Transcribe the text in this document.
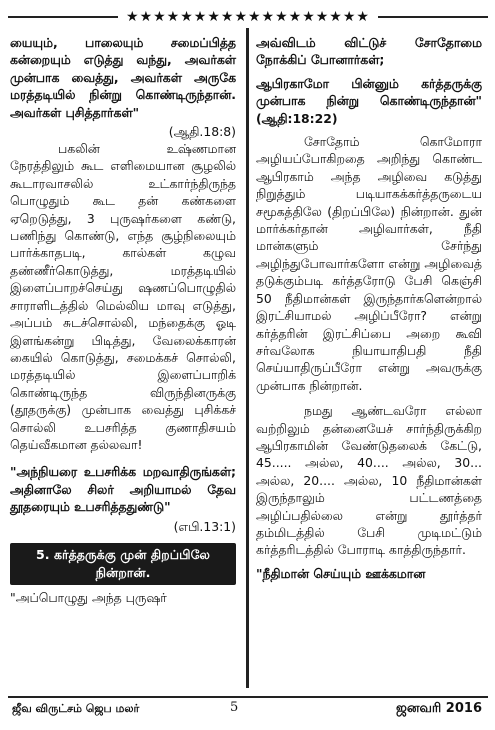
★★★★★★★★★★★★★★★★★★
யையும், பாலையும் சமைப்பித்த கன்றையும் எடுத்து வந்து, அவர்கள் முன்பாக வைத்து, அவர்கள் அருகே மரத்தடியில் நின்று கொண்டிருந்தான். அவர்கள் புசித்தார்கள்"
(ஆதி.18:8)
பகலின் உஷ்ணமான நேரத்திலும் கூட எளிமையான சூழலில் கூடாரவாசலில் உட்கார்ந்திருந்த பொழுதும் கூட தன் கண்களை ஏறெடுத்து, 3 புருஷர்களை கண்டு, பணிந்து கொண்டு, எந்த சூழ்நிலையும் பார்க்காதபடி, கால்கள் கழுவ தண்ணீர்கொடுத்து, மரத்தடியில் இளைப்பாறச்செய்து ஷணப்பொழுதில் சாராளிடத்தில் மெல்லிய மாவு எடுத்து, அப்பம் சுடச்சொல்லி, மந்தைக்கு ஓடி இளங்கன்று பிடித்து, வேலைக்காரன் கையில் கொடுத்து, சமைக்கச் சொல்லி, மரத்தடியில் இளைப்பாறிக் கொண்டிருந்த விருந்தினருக்கு (தூதருக்கு) முன்பாக வைத்து புசிக்கச் சொல்லி உபசரித்த குணாதிசயம் தெய்வீகமான தல்லவா!
"அந்நியரை உபசரிக்க மறவாதிருங்கள்; அதினாலே சிலர் அறியாமல் தேவ தூதரையும் உபசரித்ததுண்டு"
(எபி.13:1)
5. கர்த்தருக்கு முன் திறப்பிலே நின்றான்.
"அப்பொழுது அந்த புருஷர்
அவ்விடம் விட்டுச் சோதோமை நோக்கிப் போனார்கள்;
ஆபிரகாமோ பின்னும் கர்த்தருக்கு முன்பாக நின்று கொண்டிருந்தான்" (ஆதி:18:22)
சோதோம் கொமோரா அழியப்போகிறதை அறிந்து கொண்ட ஆபிரகாம் அந்த அழிவை கடுத்து நிறுத்தும் படியாகக்கர்த்தருடைய சமூகத்திலே (திறப்பிலே) நின்றான். துன் மார்க்கர்தான் அழிவார்கள், நீதி மான்களும் சேர்ந்து அழிந்துபோவார்களோ என்று அழிவைத் தடுக்கும்படி கர்த்தரோடு பேசி கெஞ்சி 50 நீதிமான்கள் இருந்தார்களென்றால் இரட்சியாமல் அழிப்பீரோ? என்று கர்த்தரின் இரட்சிப்பை அறை கூவி சர்வலோக நியாயாதிபதி நீதி செய்யாதிருப்பீரோ என்று அவருக்கு முன்பாக நின்றான்.
நமது ஆண்டவரோ எல்லா வற்றிலும் தன்னையேச் சார்ந்திருக்கிற ஆபிரகாமின் வேண்டுதலைக் கேட்டு, 45..... அல்ல, 40.... அல்ல, 30... அல்ல, 20.... அல்ல, 10 நீதிமான்கள் இருந்தாலும் பட்டணத்தை அழிப்பதில்லை என்று தூர்த்தர் தம்மிடத்தில் பேசி முடிமட்டும் கர்த்தரிடத்தில் போராடி காத்திருந்தார்.
"நீதிமான் செய்யும் ஊக்கமான
ஜீவ விருட்சம் ஜெப மலர்	5	ஜனவரி 2016
